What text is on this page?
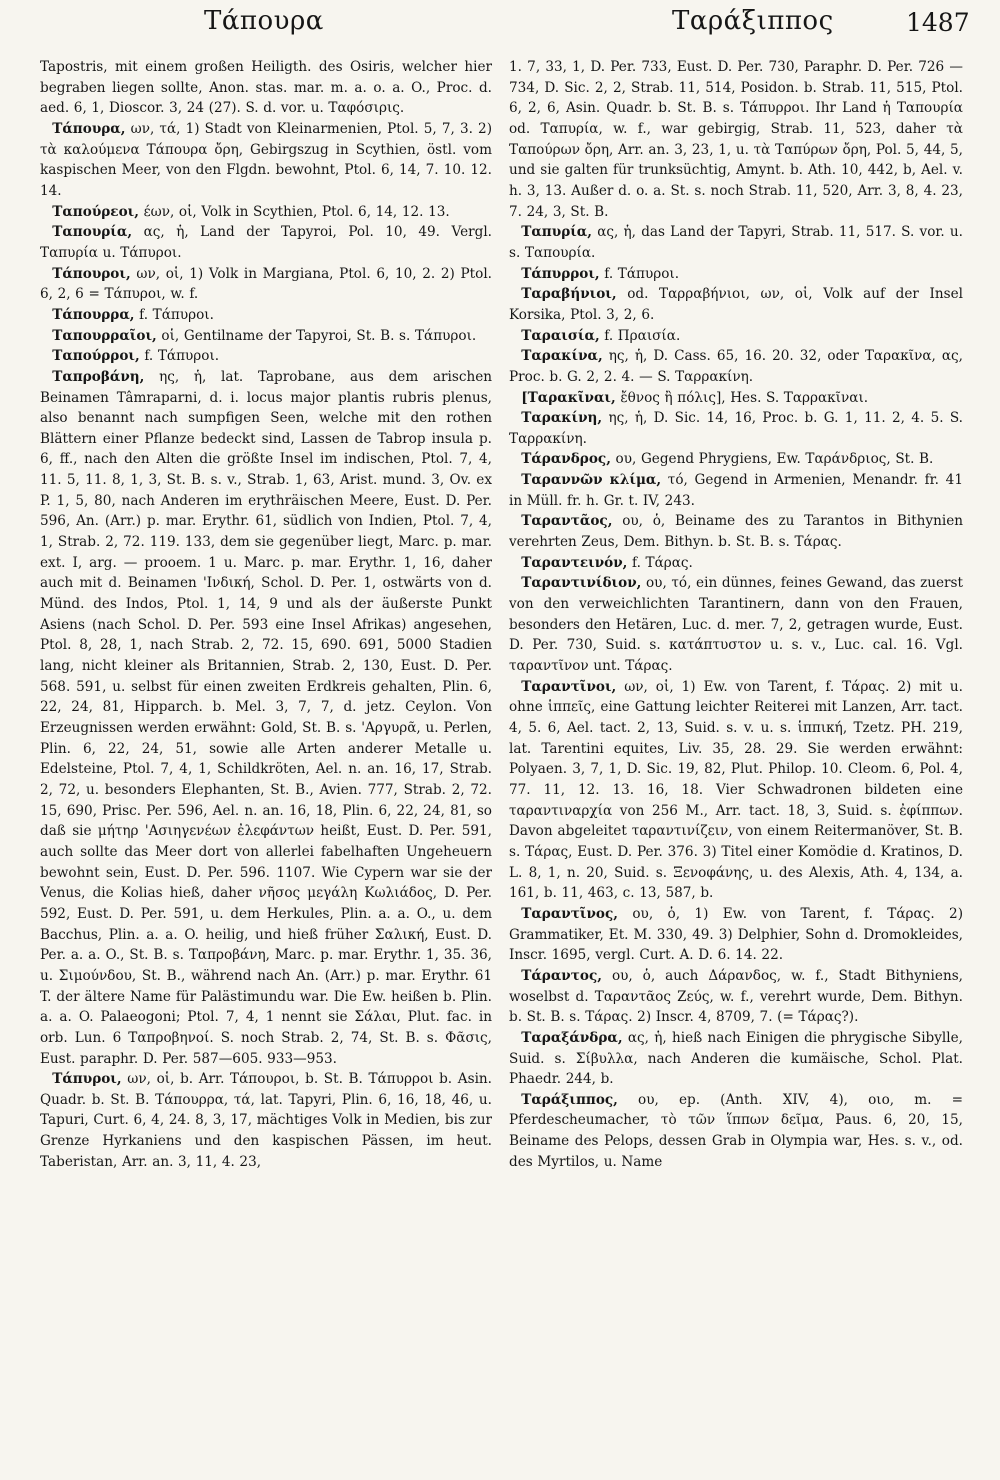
Τάπουρα	Ταράξιππος	1487

Tapostris, mit einem großen Heiligth. des Osiris, welcher hier begraben liegen sollte, Anon. stas. mar. m. a. o. a. O., Proc. d. aed. 6, 1, Dioscor. 3, 24 (27). S. d. vor. u. Ταφόσιρις.

Τάπουρα, ων, τά, 1) Stadt von Kleinarmenien, Ptol. 5, 7, 3. 2) τὰ καλούμενα Τάπουρα ὄρη, Gebirgszug in Scythien, östl. vom kaspischen Meer, von den Flgdn. bewohnt, Ptol. 6, 14, 7. 10. 12. 14.

Ταπούρεοι, έων, οἱ, Volk in Scythien, Ptol. 6, 14, 12. 13.

Ταπουρία, ας, ἡ, Land der Tapyroi, Pol. 10, 49. Vergl. Ταπυρία u. Τάπυροι.

Τάπουροι, ων, οἱ, 1) Volk in Margiana, Ptol. 6, 10, 2. 2) Ptol. 6, 2, 6 = Τάπυροι, w. f.

Τάπουρρα, f. Τάπυροι.

Ταπουρραῖοι, οἱ, Gentilname der Tapyroi, St. B. s. Τάπυροι.

Ταπούρροι, f. Τάπυροι.

Ταπροβάνη, ης, ἡ, lat. Taprobane, aus dem arischen Beinamen Tâmraparni, d. i. locus major plantis rubris plenus, also benannt nach sumpfigen Seen, welche mit den rothen Blättern einer Pflanze bedeckt sind, Lassen de Tabrop insula p. 6, ff., nach den Alten die größte Insel im indischen, Ptol. 7, 4, 11. 5, 11. 8, 1, 3, St. B. s. v., Strab. 1, 63, Arist. mund. 3, Ov. ex P. 1, 5, 80, nach Anderen im erythräischen Meere, Eust. D. Per. 596, An. (Arr.) p. mar. Erythr. 61, südlich von Indien, Ptol. 7, 4, 1, Strab. 2, 72. 119. 133, dem sie gegenüber liegt, Marc. p. mar. ext. I, arg. — prooem. 1 u. Marc. p. mar. Erythr. 1, 16, daher auch mit d. Beinamen 'Ινδική, Schol. D. Per. 1, ostwärts von d. Münd. des Indos, Ptol. 1, 14, 9 und als der äußerste Punkt Asiens (nach Schol. D. Per. 593 eine Insel Afrikas) angesehen, Ptol. 8, 28, 1, nach Strab. 2, 72. 15, 690. 691, 5000 Stadien lang, nicht kleiner als Britannien, Strab. 2, 130, Eust. D. Per. 568. 591, u. selbst für einen zweiten Erdkreis gehalten, Plin. 6, 22, 24, 81, Hipparch. b. Mel. 3, 7, 7, d. jetz. Ceylon. Von Erzeugnissen werden erwähnt: Gold, St. B. s. 'Αργυρᾶ, u. Perlen, Plin. 6, 22, 24, 51, sowie alle Arten anderer Metalle u. Edelsteine, Ptol. 7, 4, 1, Schildkröten, Ael. n. an. 16, 17, Strab. 2, 72, u. besonders Elephanten, St. B., Avien. 777, Strab. 2, 72. 15, 690, Prisc. Per. 596, Ael. n. an. 16, 18, Plin. 6, 22, 24, 81, so daß sie μήτηρ 'Ασιηγενέων ἐλεφάντων heißt, Eust. D. Per. 591, auch sollte das Meer dort von allerlei fabelhaften Ungeheuern bewohnt sein, Eust. D. Per. 596. 1107. Wie Cypern war sie der Venus, die Kolias hieß, daher νῆσος μεγάλη Κωλιάδος, D. Per. 592, Eust. D. Per. 591, u. dem Herkules, Plin. a. a. O., u. dem Bacchus, Plin. a. a. O. heilig, und hieß früher Σαλική, Eust. D. Per. a. a. O., St. B. s. Ταπροβάνη, Marc. p. mar. Erythr. 1, 35. 36, u. Σιμούνδου, St. B., während nach An. (Arr.) p. mar. Erythr. 61 T. der ältere Name für Palästimundu war. Die Ew. heißen b. Plin. a. a. O. Palaeogoni; Ptol. 7, 4, 1 nennt sie Σάλαι, Plut. fac. in orb. Lun. 6 Ταπροβηνοί. S. noch Strab. 2, 74, St. B. s. Φᾶσις, Eust. paraphr. D. Per. 587—605. 933—953.

Τάπυροι, ων, οἱ, b. Arr. Τάπουροι, b. St. B. Τάπυρροι b. Asin. Quadr. b. St. B. Τάπουρρα, τά, lat. Tapyri, Plin. 6, 16, 18, 46, u. Tapuri, Curt. 6, 4, 24. 8, 3, 17, mächtiges Volk in Medien, bis zur Grenze Hyrkaniens und den kaspischen Pässen, im heut. Taberistan, Arr. an. 3, 11, 4. 23,

1. 7, 33, 1, D. Per. 733, Eust. D. Per. 730, Paraphr. D. Per. 726 — 734, D. Sic. 2, 2, Strab. 11, 514, Posidon. b. Strab. 11, 515, Ptol. 6, 2, 6, Asin. Quadr. b. St. B. s. Τάπυρροι. Ihr Land ἡ Ταπουρία od. Ταπυρία, w. f., war gebirgig, Strab. 11, 523, daher τὰ Ταπούρων ὄρη, Arr. an. 3, 23, 1, u. τὰ Ταπύρων ὄρη, Pol. 5, 44, 5, und sie galten für trunksüchtig, Amynt. b. Ath. 10, 442, b, Ael. v. h. 3, 13. Außer d. o. a. St. s. noch Strab. 11, 520, Arr. 3, 8, 4. 23, 7. 24, 3, St. B.

Ταπυρία, ας, ἡ, das Land der Tapyri, Strab. 11, 517. S. vor. u. s. Ταπουρία.

Τάπυρροι, f. Τάπυροι.

Ταραβήνιοι, od. Ταρραβήνιοι, ων, οἱ, Volk auf der Insel Korsika, Ptol. 3, 2, 6.

Ταραισία, f. Πραισία.

Ταρακίνα, ης, ἡ, D. Cass. 65, 16. 20. 32, oder Ταρακῖνα, ας, Proc. b. G. 2, 2. 4. — S. Ταρρακίνη.

[Ταρακῖναι, ἔθνος ἢ πόλις], Hes. S. Ταρρακῖναι.

Ταρακίνη, ης, ἡ, D. Sic. 14, 16, Proc. b. G. 1, 11. 2, 4. 5. S. Ταρρακίνη.

Τάρανδρος, ου, Gegend Phrygiens, Ew. Ταράνδριος, St. B.

Ταραννῶν κλίμα, τό, Gegend in Armenien, Menandr. fr. 41 in Müll. fr. h. Gr. t. IV, 243.

Ταραντᾶος, ου, ὁ, Beiname des zu Tarantos in Bithynien verehrten Zeus, Dem. Bithyn. b. St. B. s. Τάρας.

Ταραντεινόν, f. Τάρας.

Ταραντινίδιον, ου, τό, ein dünnes, feines Gewand, das zuerst von den verweichlichten Tarantinern, dann von den Frauen, besonders den Hetären, Luc. d. mer. 7, 2, getragen wurde, Eust. D. Per. 730, Suid. s. κατάπτυστον u. s. v., Luc. cal. 16. Vgl. ταραντῖνον unt. Τάρας.

Ταραντῖνοι, ων, οἱ, 1) Ew. von Tarent, f. Τάρας. 2) mit u. ohne ἱππεῖς, eine Gattung leichter Reiterei mit Lanzen, Arr. tact. 4, 5. 6, Ael. tact. 2, 13, Suid. s. v. u. s. ἱππική, Tzetz. PH. 219, lat. Tarentini equites, Liv. 35, 28. 29. Sie werden erwähnt: Polyaen. 3, 7, 1, D. Sic. 19, 82, Plut. Philop. 10. Cleom. 6, Pol. 4, 77. 11, 12. 13. 16, 18. Vier Schwadronen bildeten eine ταραντιναρχία von 256 M., Arr. tact. 18, 3, Suid. s. ἐφίππων. Davon abgeleitet ταραντινίζειν, von einem Reitermanöver, St. B. s. Τάρας, Eust. D. Per. 376. 3) Titel einer Komödie d. Kratinos, D. L. 8, 1, n. 20, Suid. s. Ξενοφάνης, u. des Alexis, Ath. 4, 134, a. 161, b. 11, 463, c. 13, 587, b.

Ταραντῖνος, ου, ὁ, 1) Ew. von Tarent, f. Τάρας. 2) Grammatiker, Et. M. 330, 49. 3) Delphier, Sohn d. Dromokleides, Inscr. 1695, vergl. Curt. A. D. 6. 14. 22.

Τάραντος, ου, ὁ, auch Δάρανδος, w. f., Stadt Bithyniens, woselbst d. Ταραντᾶος Ζεύς, w. f., verehrt wurde, Dem. Bithyn. b. St. B. s. Τάρας. 2) Inscr. 4, 8709, 7. (= Τάρας?).

Ταραξάνδρα, ας, ἡ, hieß nach Einigen die phrygische Sibylle, Suid. s. Σίβυλλα, nach Anderen die kumäische, Schol. Plat. Phaedr. 244, b.

Ταράξιππος, ου, ep. (Anth. XIV, 4), οιο, m. = Pferdescheumacher, τὸ τῶν ἵππων δεῖμα, Paus. 6, 20, 15, Beiname des Pelops, dessen Grab in Olympia war, Hes. s. v., od. des Myrtilos, u. Name
